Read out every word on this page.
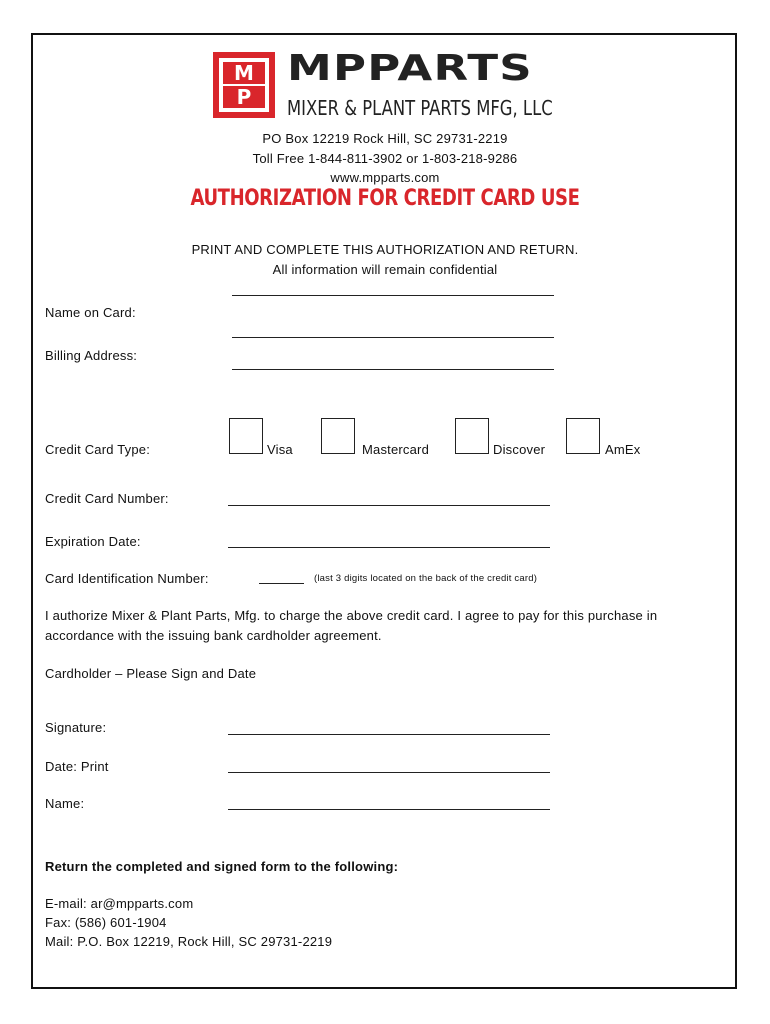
M
P
MPPARTS
MIXER & PLANT PARTS MFG, LLC
PO Box 12219 Rock Hill, SC 29731-2219
Toll Free 1-844-811-3902 or 1-803-218-9286
www.mpparts.com
AUTHORIZATION FOR CREDIT CARD USE
PRINT AND COMPLETE THIS AUTHORIZATION AND RETURN.
All information will remain confidential
Name on Card:
Billing Address:
Credit Card Type:	Visa	Mastercard	Discover	AmEx
Credit Card Number:
Expiration Date:
Card Identification Number:	(last 3 digits located on the back of the credit card)
I authorize Mixer & Plant Parts, Mfg. to charge the above credit card. I agree to pay for this purchase in
accordance with the issuing bank cardholder agreement.
Cardholder – Please Sign and Date
Signature:
Date: Print
Name:
Return the completed and signed form to the following:
E-mail: ar@mpparts.com
Fax: (586) 601-1904
Mail: P.O. Box 12219, Rock Hill, SC 29731-2219
